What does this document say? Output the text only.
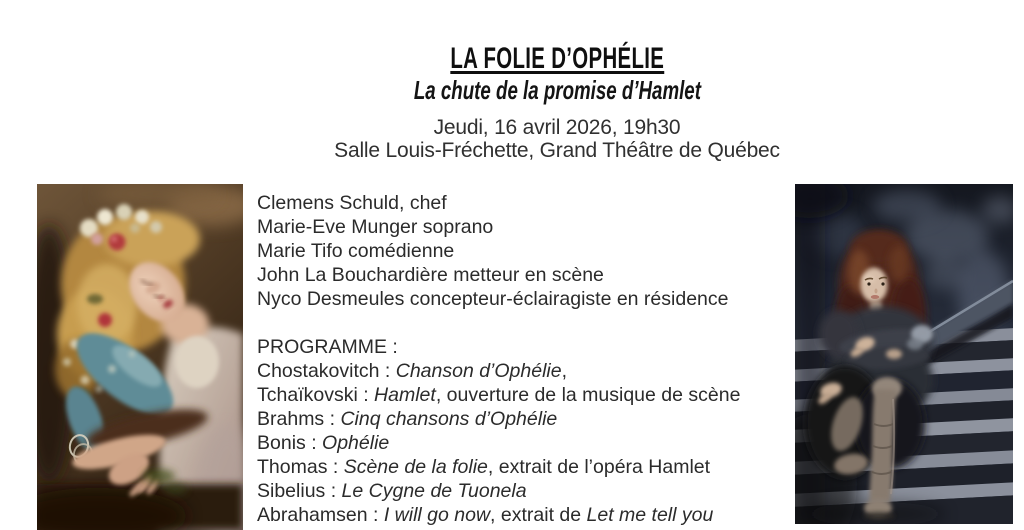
LA FOLIE D’OPHÉLIE
La chute de la promise d’Hamlet
Jeudi, 16 avril 2026, 19h30
Salle Louis-Fréchette, Grand Théâtre de Québec
Clemens Schuld, chef
Marie-Eve Munger soprano
Marie Tifo comédienne
John La Bouchardière metteur en scène
Nyco Desmeules concepteur-éclairagiste en résidence
PROGRAMME :
Chostakovitch : Chanson d’Ophélie,
Tchaïkovski : Hamlet, ouverture de la musique de scène
Brahms : Cinq chansons d’Ophélie
Bonis : Ophélie
Thomas : Scène de la folie, extrait de l’opéra Hamlet
Sibelius : Le Cygne de Tuonela
Abrahamsen : I will go now, extrait de Let me tell you
